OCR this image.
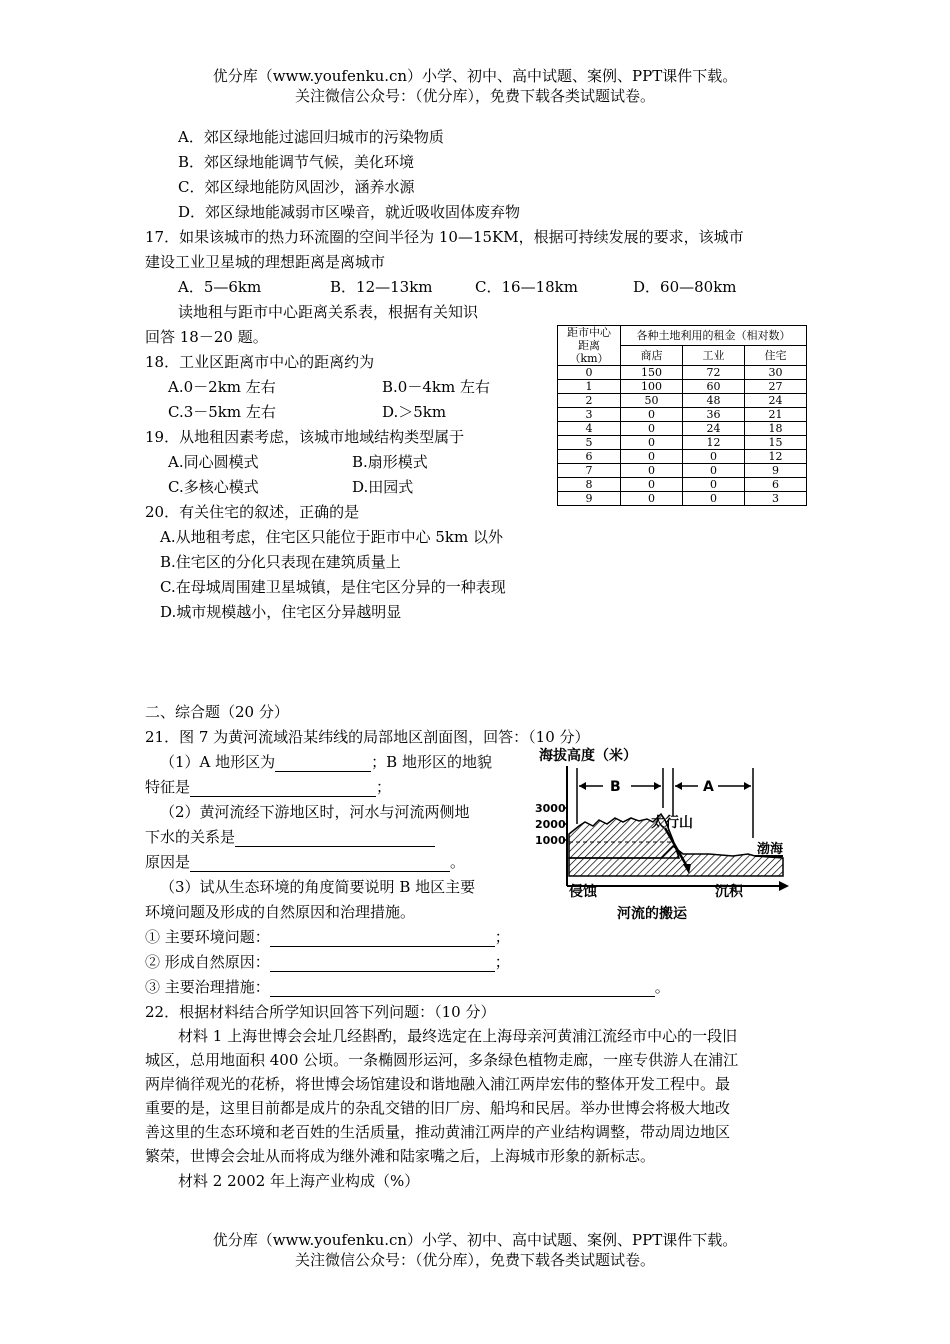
优分库（www.youfenku.cn）小学、初中、高中试题、案例、PPT课件下载。
关注微信公众号：（优分库），免费下载各类试题试卷。
A．郊区绿地能过滤回归城市的污染物质
B．郊区绿地能调节气候，美化环境
C．郊区绿地能防风固沙，涵养水源
D．郊区绿地能减弱市区噪音，就近吸收固体废弃物
17．如果该城市的热力环流圈的空间半径为 10—15KM，根据可持续发展的要求，该城市
建设工业卫星城的理想距离是离城市
A．5—6km	B．12—13km	C．16—18km	D．60—80km
读地租与距市中心距离关系表，根据有关知识
回答 18－20 题。
18．工业区距离市中心的距离约为
A.0－2km 左右	B.0－4km 左右
C.3－5km 左右	D.＞5km
19．从地租因素考虑，该城市地域结构类型属于
A.同心圆模式	B.扇形模式
C.多核心模式	D.田园式
20．有关住宅的叙述，正确的是
A.从地租考虑，住宅区只能位于距市中心 5km 以外
B.住宅区的分化只表现在建筑质量上
C.在母城周围建卫星城镇，是住宅区分异的一种表现
D.城市规模越小，住宅区分异越明显
距市中心
距离
（km）	各种土地利用的租金（相对数）		

	商店	工业	住宅
0	150	72	30
1	100	60	27
2	50	48	24
3	0	36	21
4	0	24	18
5	0	12	15
6	0	0	12
7	0	0	9
8	0	0	6
9	0	0	3
二、综合题（20 分）
21．图 7 为黄河流域沿某纬线的局部地区剖面图，回答：（10 分）
（1）A 地形区为	；B 地形区的地貌
特征是	；
（2）黄河流经下游地区时，河水与河流两侧地
下水的关系是
原因是	。
（3）试从生态环境的角度简要说明 B 地区主要
环境问题及形成的自然原因和治理措施。
① 主要环境问题：	；
② 形成自然原因：	；
③ 主要治理措施：	。
海拔高度（米）
3000
2000
1000
B	A
太行山
渤海
侵蚀	沉积
河流的搬运
22．根据材料结合所学知识回答下列问题：（10 分）
材料 1 上海世博会会址几经斟酌，最终选定在上海母亲河黄浦江流经市中心的一段旧
城区，总用地面积 400 公顷。一条椭圆形运河，多条绿色植物走廊，一座专供游人在浦江
两岸徜徉观光的花桥，将世博会场馆建设和谐地融入浦江两岸宏伟的整体开发工程中。最
重要的是，这里目前都是成片的杂乱交错的旧厂房、船坞和民居。举办世博会将极大地改
善这里的生态环境和老百姓的生活质量，推动黄浦江两岸的产业结构调整，带动周边地区
繁荣，世博会会址从而将成为继外滩和陆家嘴之后，上海城市形象的新标志。
材料 2 2002 年上海产业构成（%）
优分库（www.youfenku.cn）小学、初中、高中试题、案例、PPT课件下载。
关注微信公众号：（优分库），免费下载各类试题试卷。
